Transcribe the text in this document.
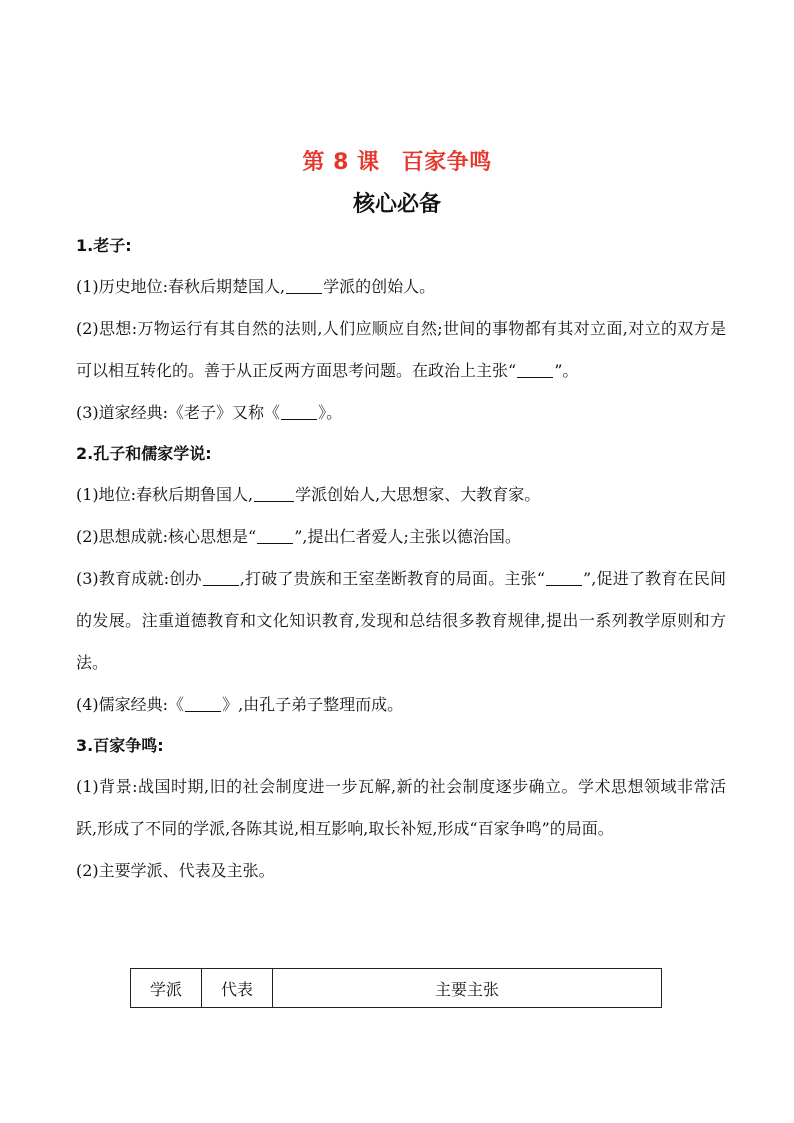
第 8 课 百家争鸣
核心必备
1.老子:
(1)历史地位:春秋后期楚国人, 学派的创始人。
(2)思想:万物运行有其自然的法则,人们应顺应自然;世间的事物都有其对立面,对立的双方是可以相互转化的。善于从正反两方面思考问题。在政治上主张“ ”。
(3)道家经典:《老子》又称《 》。
2.孔子和儒家学说:
(1)地位:春秋后期鲁国人,	学派创始人,大思想家、大教育家。
(2)思想成就:核心思想是“ ”,提出仁者爱人;主张以德治国。
(3)教育成就:创办 ,打破了贵族和王室垄断教育的局面。主张“ ”,促进了教育在民间的发展。注重道德教育和文化知识教育,发现和总结很多教育规律,提出一系列教学原则和方法。
(4)儒家经典:《 》,由孔子弟子整理而成。
3.百家争鸣:
(1)背景:战国时期,旧的社会制度进一步瓦解,新的社会制度逐步确立。学术思想领域非常活跃,形成了不同的学派,各陈其说,相互影响,取长补短,形成“百家争鸣”的局面。
(2)主要学派、代表及主张。
学派	代表	主要主张
